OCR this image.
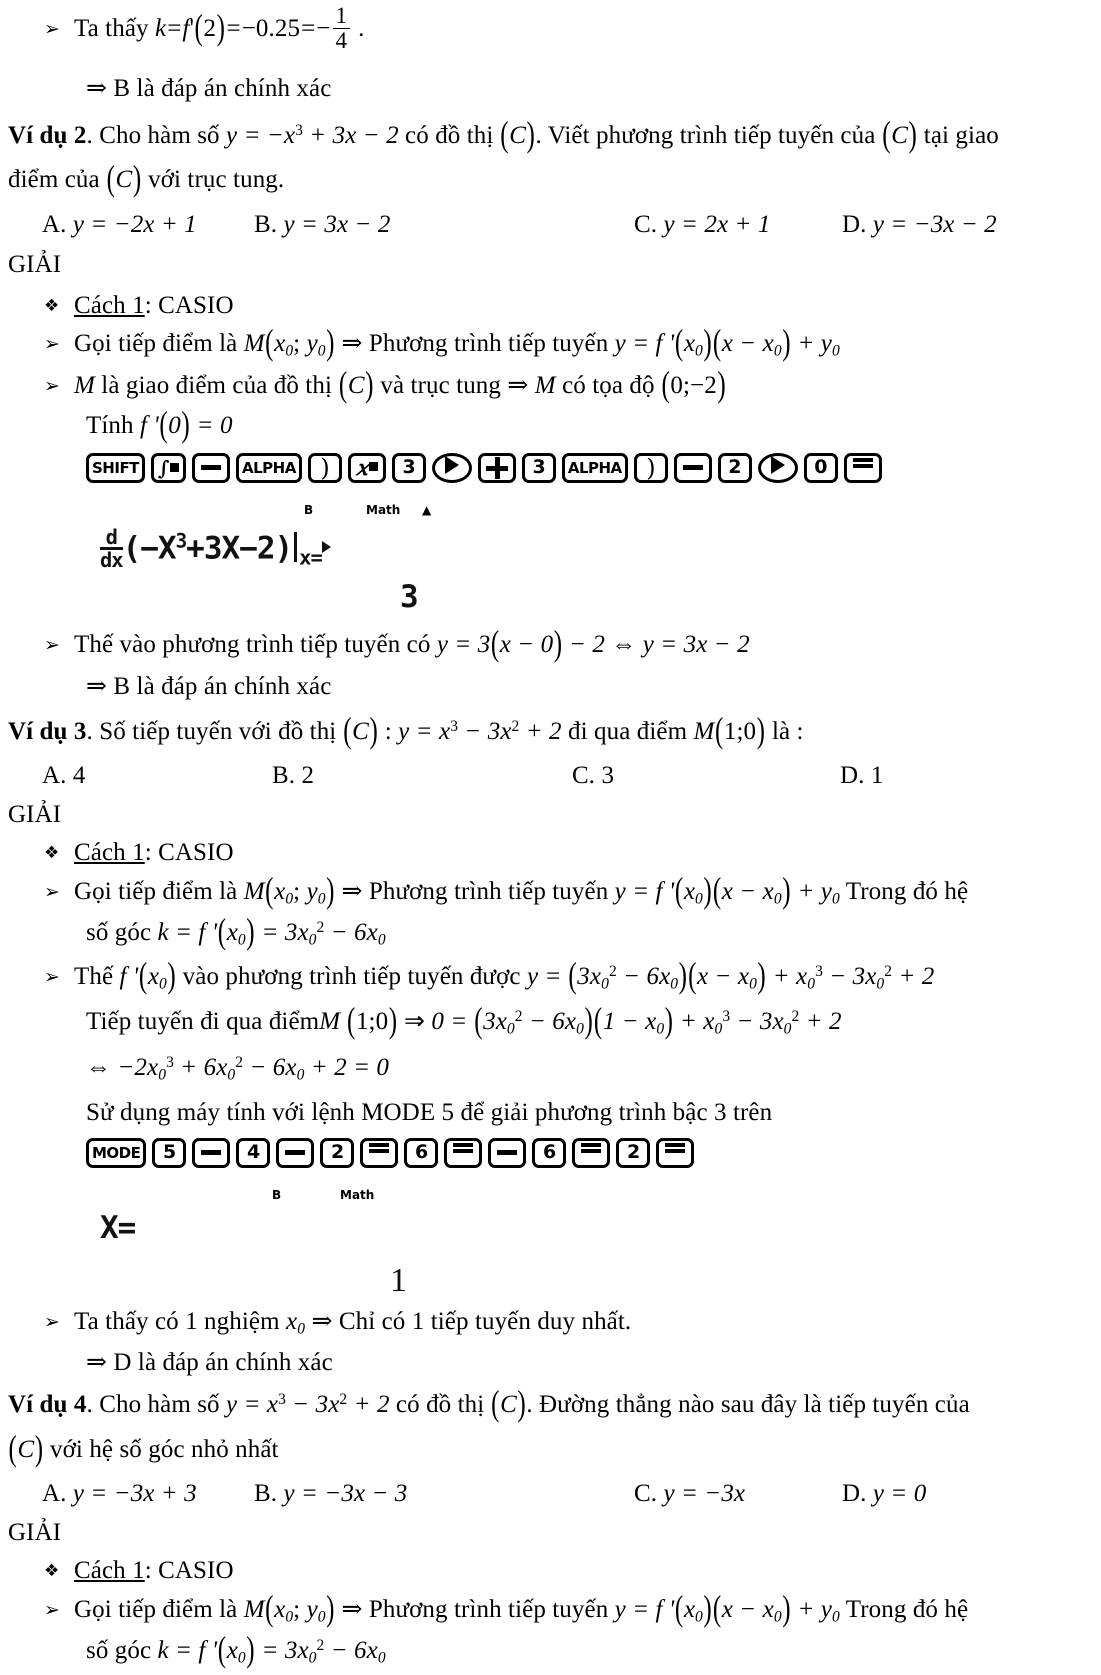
➢ Ta thấy $k=f'(2)=-0.25=- \frac{1}{4}$ .
⇒ B là đáp án chính xác
Ví dụ 2. Cho hàm số $y = -x^3 + 3x - 2$ có đồ thị (C). Viết phương trình tiếp tuyến của (C) tại giao
điểm của (C) với trục tung.
A. y = −2x + 1 B. y = 3x − 2	C. y = 2x + 1	D. y = −3x − 2
GIẢI
❖ Cách 1: CASIO
➢ Gọi tiếp điểm là $M(x_0$; $y_0$) ⇒ Phương trình tiếp tuyến y = f '$(x_0)(x - x_0) + y_0$
➢ M là giao điểm của đồ thị (C) và trục tung ⇒ M có tọa độ (0;−2)
Tính f '(0) = 0
SHIFT ∫	ALPHA ) 𝑥 3	3 ALPHA )	2	0
B	Math ▲
$\frac{d}{dx} (-X^3+3X-2)$ x=
3
➢ Thế vào phương trình tiếp tuyến có y = 3(x − 0) − 2 ⇔ y = 3x − 2
⇒ B là đáp án chính xác
Ví dụ 3. Số tiếp tuyến với đồ thị (C) : $y = x^3 - 3x^2 + 2$ đi qua điểm M(1;0) là :
A. 4	B. 2	C. 3	D. 1
GIẢI
❖ Cách 1: CASIO
➢ Gọi tiếp điểm là $M(x_0$; $y_0$) ⇒ Phương trình tiếp tuyến y = f '$(x_0)(x - x_0) + y_0$ Trong đó hệ
số góc k = f '$(x_0) = 3x_0^2 - 6x_0$
➢ Thế f '$(x_0)$ vào phương trình tiếp tuyến được $y = (3x_0^2 - 6x_0)(x - x_0) + x_0^3 - 3x_0^2 + 2$
Tiếp tuyến đi qua điểmM (1;0) ⇒ $0 = (3x_0^2 - 6x_0)(1 - x_0) + x_0^3 - 3x_0^2 + 2$
⇔ $-2x_0^3 + 6x_0^2 - 6x_0 + 2 = 0$
Sử dụng máy tính với lệnh MODE 5 để giải phương trình bậc 3 trên
MODE 5	4	2	6	6	2
B	Math
X=
1
➢ Ta thấy có 1 nghiệm $x_0$ ⇒ Chỉ có 1 tiếp tuyến duy nhất.
⇒ D là đáp án chính xác
Ví dụ 4. Cho hàm số $y = x^3 - 3x^2 + 2$ có đồ thị (C). Đường thẳng nào sau đây là tiếp tuyến của
(C) với hệ số góc nhỏ nhất
A. y = −3x + 3 B. y = −3x − 3	C. y = −3x	D. y = 0
GIẢI
❖ Cách 1: CASIO
➢ Gọi tiếp điểm là $M(x_0$; $y_0$) ⇒ Phương trình tiếp tuyến y = f '$(x_0)(x - x_0) + y_0$ Trong đó hệ
số góc k = f '$(x_0) = 3x_0^2 - 6x_0$
